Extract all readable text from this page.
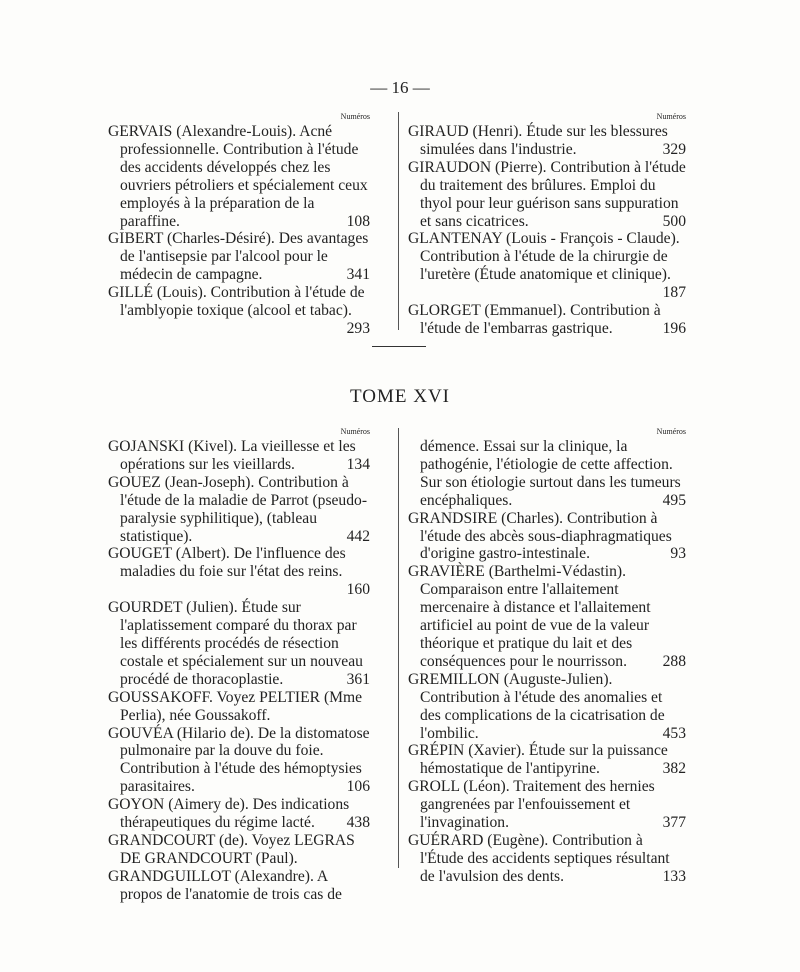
— 16 —
Numéros
GERVAIS (Alexandre-Louis). Acné professionnelle. Contribution à l'étude des accidents développés chez les ouvriers pétroliers et spécialement ceux employés à la préparation de la paraffine.	108
GIBERT (Charles-Désiré). Des avantages de l'antisepsie par l'alcool pour le médecin de campagne.	341
GILLÉ (Louis). Contribution à l'étude de l'amblyopie toxique (alcool et tabac).
293
Numéros
GIRAUD (Henri). Étude sur les blessures simulées dans l'industrie.	329
GIRAUDON (Pierre). Contribution à l'étude du traitement des brûlures. Emploi du thyol pour leur guérison sans suppuration et sans cicatrices.	500
GLANTENAY (Louis - François - Claude). Contribution à l'étude de la chirurgie de l'uretère (Étude anatomique et clinique).
187
GLORGET (Emmanuel). Contribution à l'étude de l'embarras gastrique.	196
TOME XVI
Numéros
GOJANSKI (Kivel). La vieillesse et les opérations sur les vieillards.	134
GOUEZ (Jean-Joseph). Contribution à l'étude de la maladie de Parrot (pseudo-paralysie syphilitique), (tableau statistique).	442
GOUGET (Albert). De l'influence des maladies du foie sur l'état des reins.
160
GOURDET (Julien). Étude sur l'aplatissement comparé du thorax par les différents procédés de résection costale et spécialement sur un nouveau procédé de thoracoplastie.	361
GOUSSAKOFF. Voyez PELTIER (Mme Perlia), née Goussakoff.
GOUVÉA (Hilario de). De la distomatose pulmonaire par la douve du foie. Contribution à l'étude des hémoptysies parasitaires.	106
GOYON (Aimery de). Des indications thérapeutiques du régime lacté. 438
GRANDCOURT (de). Voyez LEGRAS DE GRANDCOURT (Paul).
GRANDGUILLOT (Alexandre). A propos de l'anatomie de trois cas de
Numéros
démence. Essai sur la clinique, la pathogénie, l'étiologie de cette affection. Sur son étiologie surtout dans les tumeurs encéphaliques.	495
GRANDSIRE (Charles). Contribution à l'étude des abcès sous-diaphragmatiques d'origine gastro-intestinale.	93
GRAVIÈRE (Barthelmi-Védastin). Comparaison entre l'allaitement mercenaire à distance et l'allaitement artificiel au point de vue de la valeur théorique et pratique du lait et des conséquences pour le nourrisson. 288
GREMILLON (Auguste-Julien). Contribution à l'étude des anomalies et des complications de la cicatrisation de l'ombilic.	453
GRÉPIN (Xavier). Étude sur la puissance hémostatique de l'antipyrine.	382
GROLL (Léon). Traitement des hernies gangrenées par l'enfouissement et l'invagination.	377
GUÉRARD (Eugène). Contribution à l'Étude des accidents septiques résultant de l'avulsion des dents.	133
